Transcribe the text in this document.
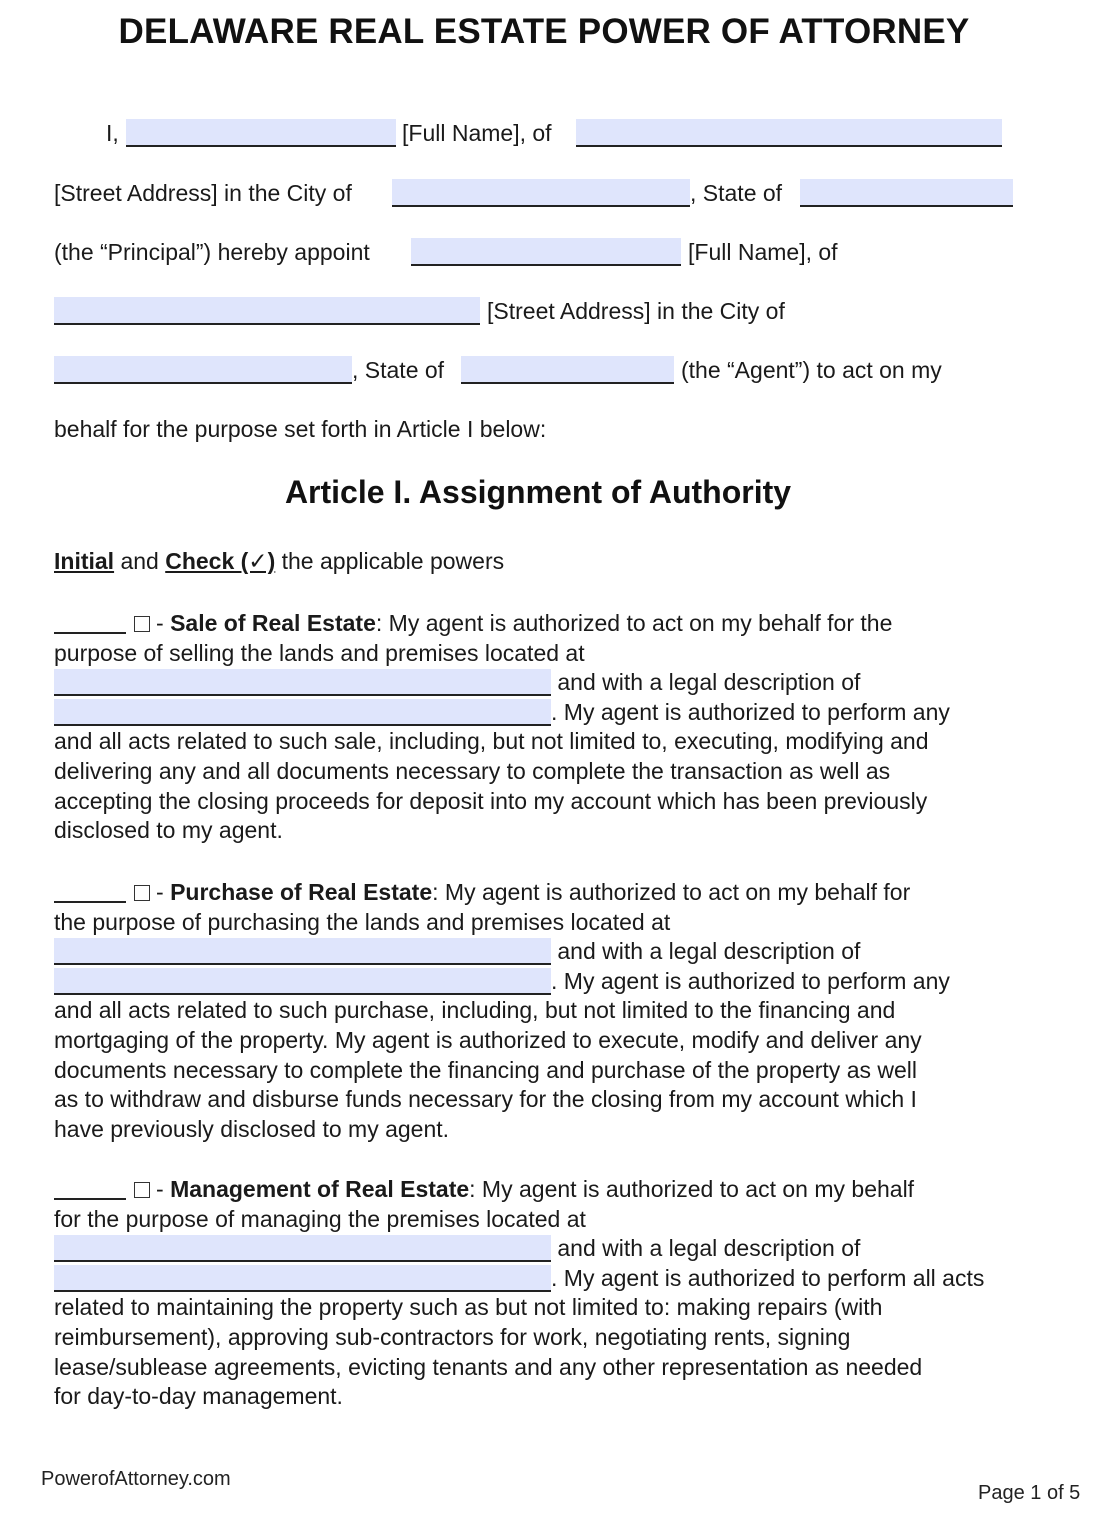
DELAWARE REAL ESTATE POWER OF ATTORNEY
I,	[Full Name], of
[Street Address] in the City of	, State of
(the “Principal”) hereby appoint	[Full Name], of
[Street Address] in the City of
, State of	(the “Agent”) to act on my
behalf for the purpose set forth in Article I below:
Article I. Assignment of Authority
Initial and Check (✓) the applicable powers
- Sale of Real Estate: My agent is authorized to act on my behalf for the
purpose of selling the lands and premises located at
and with a legal description of
. My agent is authorized to perform any
and all acts related to such sale, including, but not limited to, executing, modifying and
delivering any and all documents necessary to complete the transaction as well as
accepting the closing proceeds for deposit into my account which has been previously
disclosed to my agent.
- Purchase of Real Estate: My agent is authorized to act on my behalf for
the purpose of purchasing the lands and premises located at
and with a legal description of
. My agent is authorized to perform any
and all acts related to such purchase, including, but not limited to the financing and
mortgaging of the property. My agent is authorized to execute, modify and deliver any
documents necessary to complete the financing and purchase of the property as well
as to withdraw and disburse funds necessary for the closing from my account which I
have previously disclosed to my agent.
- Management of Real Estate: My agent is authorized to act on my behalf
for the purpose of managing the premises located at
and with a legal description of
. My agent is authorized to perform all acts
related to maintaining the property such as but not limited to: making repairs (with
reimbursement), approving sub-contractors for work, negotiating rents, signing
lease/sublease agreements, evicting tenants and any other representation as needed
for day-to-day management.
PowerofAttorney.com
Page 1 of 5
